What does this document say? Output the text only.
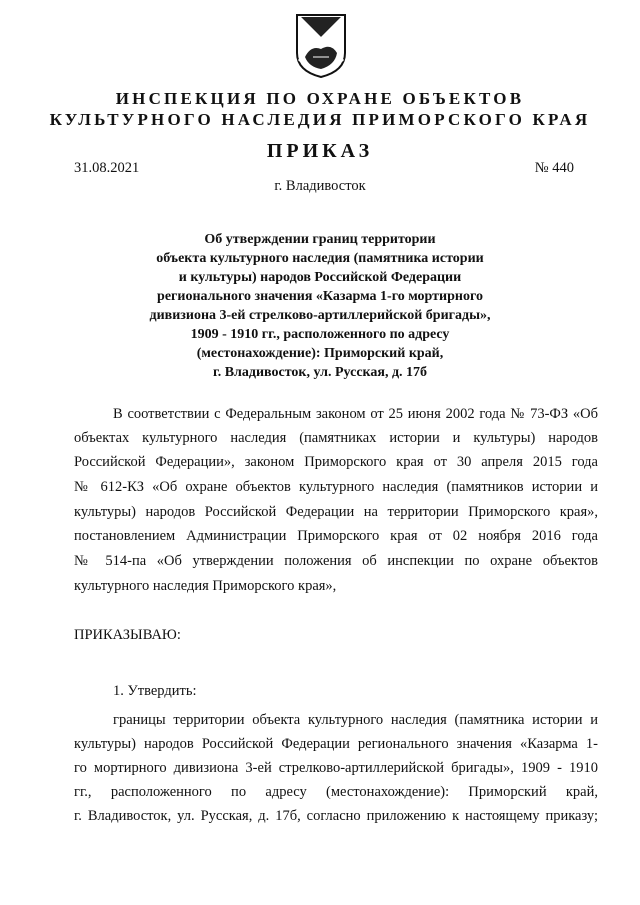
ИНСПЕКЦИЯ ПО ОХРАНЕ ОБЪЕКТОВ
КУЛЬТУРНОГО НАСЛЕДИЯ ПРИМОРСКОГО КРАЯ
ПРИКАЗ
31.08.2021	№ 440
г. Владивосток
Об утверждении границ территории
объекта культурного наследия (памятника истории
и культуры) народов Российской Федерации
регионального значения «Казарма 1-го мортирного
дивизиона 3-ей стрелково-артиллерийской бригады»,
1909 - 1910 гг., расположенного по адресу
(местонахождение): Приморский край,
г. Владивосток, ул. Русская, д. 17б
В соответствии с Федеральным законом от 25 июня 2002 года № 73-ФЗ «Об
объектах культурного наследия (памятниках истории и культуры) народов
Российской Федерации», законом Приморского края от 30 апреля 2015 года
№ 612-КЗ «Об охране объектов культурного наследия (памятников истории и
культуры) народов Российской Федерации на территории Приморского края»,
постановлением Администрации Приморского края от 02 ноября 2016 года
№ 514-па «Об утверждении положения об инспекции по охране объектов
культурного наследия Приморского края»,
ПРИКАЗЫВАЮ:
1. Утвердить:
границы территории объекта культурного наследия (памятника истории и
культуры) народов Российской Федерации регионального значения «Казарма 1-
го мортирного дивизиона 3-ей стрелково-артиллерийской бригады», 1909 - 1910
гг., расположенного по адресу (местонахождение): Приморский край,
г. Владивосток, ул. Русская, д. 17б, согласно приложению к настоящему приказу;
